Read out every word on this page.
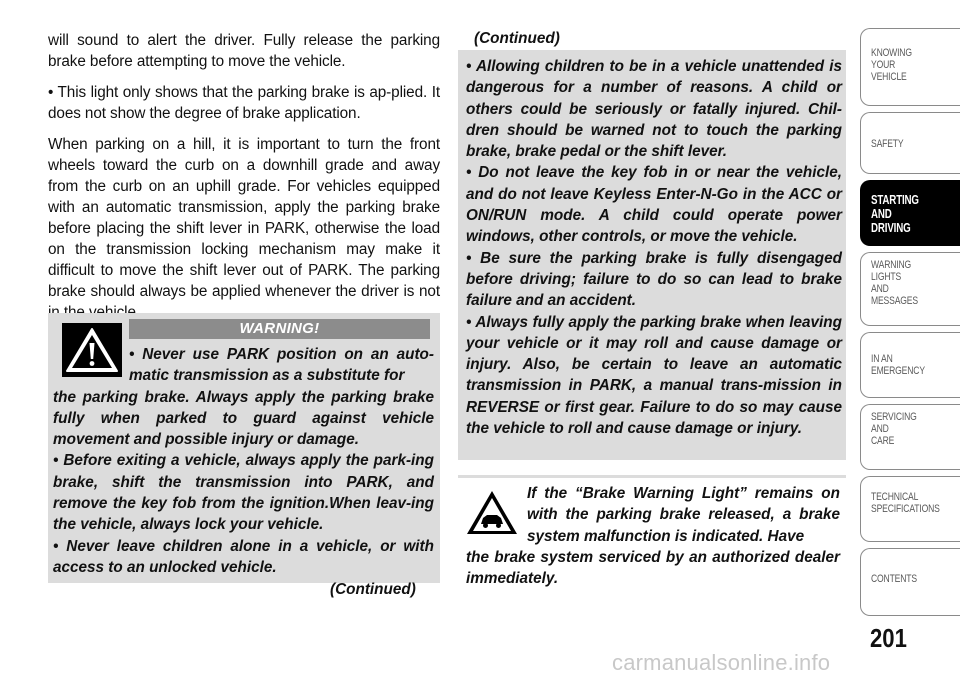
will sound to alert the driver. Fully release the parking brake before attempting to move the vehicle.

• This light only shows that the parking brake is ap-plied. It does not show the degree of brake application.

When parking on a hill, it is important to turn the front wheels toward the curb on a downhill grade and away from the curb on an uphill grade. For vehicles equipped with an automatic transmission, apply the parking brake before placing the shift lever in PARK, otherwise the load on the transmission locking mechanism may make it difficult to move the shift lever out of PARK. The parking brake should always be applied whenever the driver is not

WARNING!

• Never use PARK position on an auto-matic transmission as a substitute for

the parking brake. Always apply the parking brake fully when parked to guard against vehicle movement and possible injury or damage.

• Before exiting a vehicle, always apply the park-ing brake, shift the transmission into PARK, and remove the key fob from the ignition.When leav-ing the vehicle, always lock your vehicle.

• Never leave children alone in a vehicle, or with access to an unlocked vehicle.

(Continued)
(Continued)

• Allowing children to be in a vehicle unattended is dangerous for a number of reasons. A child or others could be seriously or fatally injured. Chil-dren should be warned not to touch the parking brake, brake pedal or the shift lever.

• Do not leave the key fob in or near the vehicle, and do not leave Keyless Enter-N-Go in the ACC or ON/RUN mode. A child could operate power windows, other controls, or move the vehicle.

• Be sure the parking brake is fully disengaged before driving; failure to do so can lead to brake failure and an accident.

• Always fully apply the parking brake when leaving your vehicle or it may roll and cause damage or injury. Also, be certain to leave an automatic transmission in PARK, a manual trans-mission in REVERSE or first gear. Failure to do so may cause the vehicle to roll and cause damage or injury.

If the “Brake Warning Light” remains on with the parking brake released, a brake system malfunction is indicated. Have

the brake system serviced by an authorized dealer immediately.

KNOWING
YOUR
VEHICLE
SAFETY
STARTING
AND
DRIVING
WARNING
LIGHTS
AND
MESSAGES
IN AN
EMERGENCY
SERVICING
AND
CARE
TECHNICAL
SPECIFICATIONS
CONTENTS
201
carmanualsonline.info
